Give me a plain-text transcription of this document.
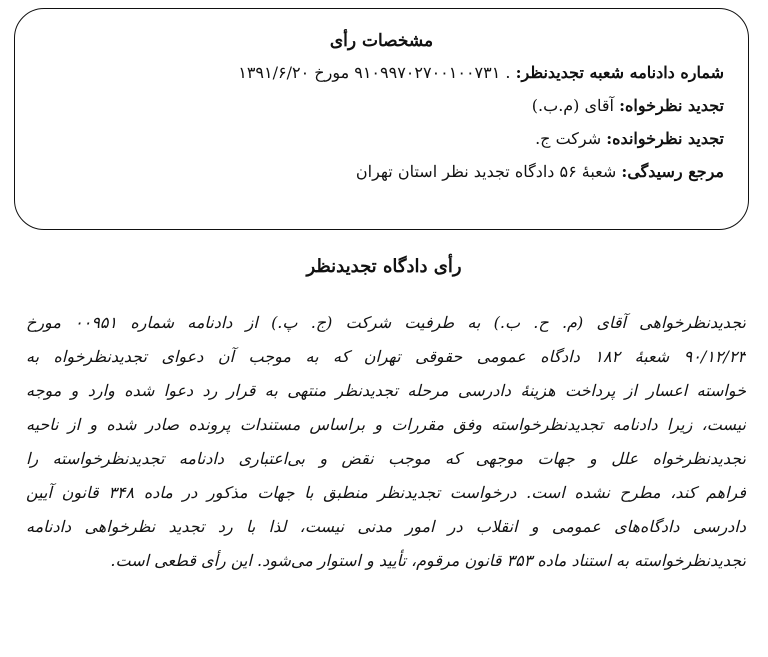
مشخصات رأی
شماره دادنامه شعبه تجدیدنظر: . ۹۱۰۹۹۷۰۲۷۰۰۱۰۰۷۳۱ مورخ ۱۳۹۱/۶/۲۰
تجدید نظرخواه: آقای (م.ب.)
تجدید نظرخوانده: شرکت ج.
مرجع رسیدگی: شعبهٔ ۵۶ دادگاه تجدید نظر استان تهران
رأی دادگاه تجدیدنظر
تجدیدنظرخواهی آقای (م. ح. ب.) به طرفیت شرکت (ج. پ.) از دادنامه شماره ۰۰۹۵۱ مورخ
۹۰/۱۲/۲۳ شعبهٔ ۱۸۲ دادگاه عمومی حقوقی تهران که به موجب آن دعوای تجدیدنظرخواه به
خواسته اعسار از پرداخت هزینهٔ دادرسی مرحله تجدیدنظر منتهی به قرار رد دعوا شده وارد و موجه
نیست، زیرا دادنامه تجدیدنظرخواسته وفق مقررات و براساس مستندات پرونده صادر شده و از ناحیه
تجدیدنظرخواه علل و جهات موجهی که موجب نقض و بی‌اعتباری دادنامه تجدیدنظرخواسته را
فراهم کند، مطرح نشده است. درخواست تجدیدنظر منطبق با جهات مذکور در ماده ۳۴۸ قانون آیین
دادرسی دادگاه‌های عمومی و انقلاب در امور مدنی نیست، لذا با رد تجدید نظرخواهی دادنامه
تجدیدنظرخواسته به استناد ماده ۳۵۳ قانون مرقوم، تأیید و استوار می‌شود. این رأی قطعی است.
